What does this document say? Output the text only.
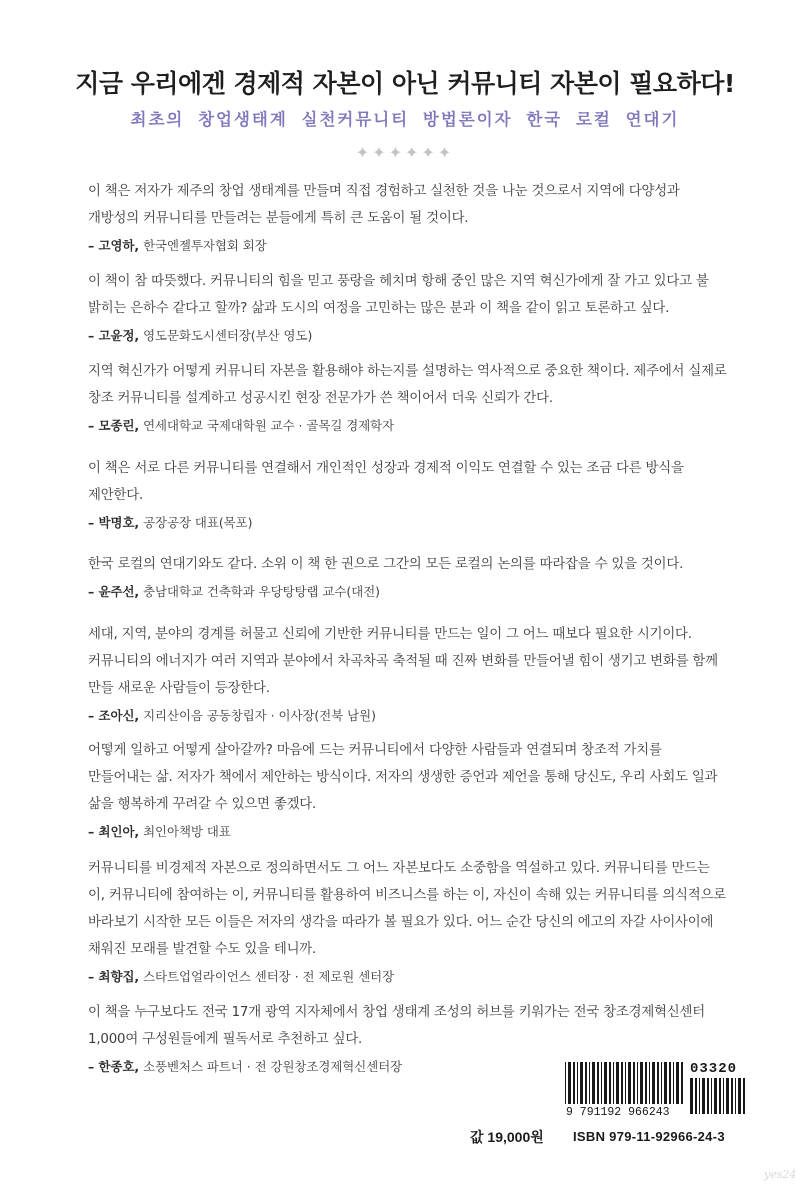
지금 우리에겐 경제적 자본이 아닌 커뮤니티 자본이 필요하다!
최초의 창업생태계 실천커뮤니티 방법론이자 한국 로컬 연대기
✦✦✦✦✦✦

이 책은 저자가 제주의 창업 생태계를 만들며 직접 경험하고 실천한 것을 나눈 것으로서 지역에 다양성과 개방성의 커뮤니티를 만들려는 분들에게 특히 큰 도움이 될 것이다.

– 고영하, 한국엔젤투자협회 회장

이 책이 참 따뜻했다. 커뮤니티의 힘을 믿고 풍랑을 헤치며 항해 중인 많은 지역 혁신가에게 잘 가고 있다고 불 밝히는 은하수 같다고 할까? 삶과 도시의 여정을 고민하는 많은 분과 이 책을 같이 읽고 토론하고 싶다.

– 고윤정, 영도문화도시센터장(부산 영도)

지역 혁신가가 어떻게 커뮤니티 자본을 활용해야 하는지를 설명하는 역사적으로 중요한 책이다. 제주에서 실제로 창조 커뮤니티를 설계하고 성공시킨 현장 전문가가 쓴 책이어서 더욱 신뢰가 간다.

– 모종린, 연세대학교 국제대학원 교수 · 골목길 경제학자

이 책은 서로 다른 커뮤니티를 연결해서 개인적인 성장과 경제적 이익도 연결할 수 있는 조금 다른 방식을 제안한다.

– 박명호, 공장공장 대표(목포)

한국 로컬의 연대기와도 같다. 소위 이 책 한 권으로 그간의 모든 로컬의 논의를 따라잡을 수 있을 것이다.

– 윤주선, 충남대학교 건축학과 우당탕탕랩 교수(대전)

세대, 지역, 분야의 경계를 허물고 신뢰에 기반한 커뮤니티를 만드는 일이 그 어느 때보다 필요한 시기이다. 커뮤니티의 에너지가 여러 지역과 분야에서 차곡차곡 축적될 때 진짜 변화를 만들어낼 힘이 생기고 변화를 함께 만들 새로운 사람들이 등장한다.

– 조아신, 지리산이음 공동창립자 · 이사장(전북 남원)

어떻게 일하고 어떻게 살아갈까? 마음에 드는 커뮤니티에서 다양한 사람들과 연결되며 창조적 가치를 만들어내는 삶. 저자가 책에서 제안하는 방식이다. 저자의 생생한 증언과 제언을 통해 당신도, 우리 사회도 일과 삶을 행복하게 꾸려갈 수 있으면 좋겠다.

– 최인아, 최인아책방 대표

커뮤니티를 비경제적 자본으로 정의하면서도 그 어느 자본보다도 소중함을 역설하고 있다. 커뮤니티를 만드는 이, 커뮤니티에 참여하는 이, 커뮤니티를 활용하여 비즈니스를 하는 이, 자신이 속해 있는 커뮤니티를 의식적으로 바라보기 시작한 모든 이들은 저자의 생각을 따라가 볼 필요가 있다. 어느 순간 당신의 에고의 자갈 사이사이에 채워진 모래를 발견할 수도 있을 테니까.

– 최향집, 스타트업얼라이언스 센터장 · 전 제로원 센터장

이 책을 누구보다도 전국 17개 광역 지자체에서 창업 생태계 조성의 허브를 키워가는 전국 창조경제혁신센터 1,000여 구성원들에게 필독서로 추천하고 싶다.

– 한종호, 소풍벤처스 파트너 · 전 강원창조경제혁신센터장

9 791192 966243
03320
값 19,000원 ISBN 979-11-92966-24-3
yes24
